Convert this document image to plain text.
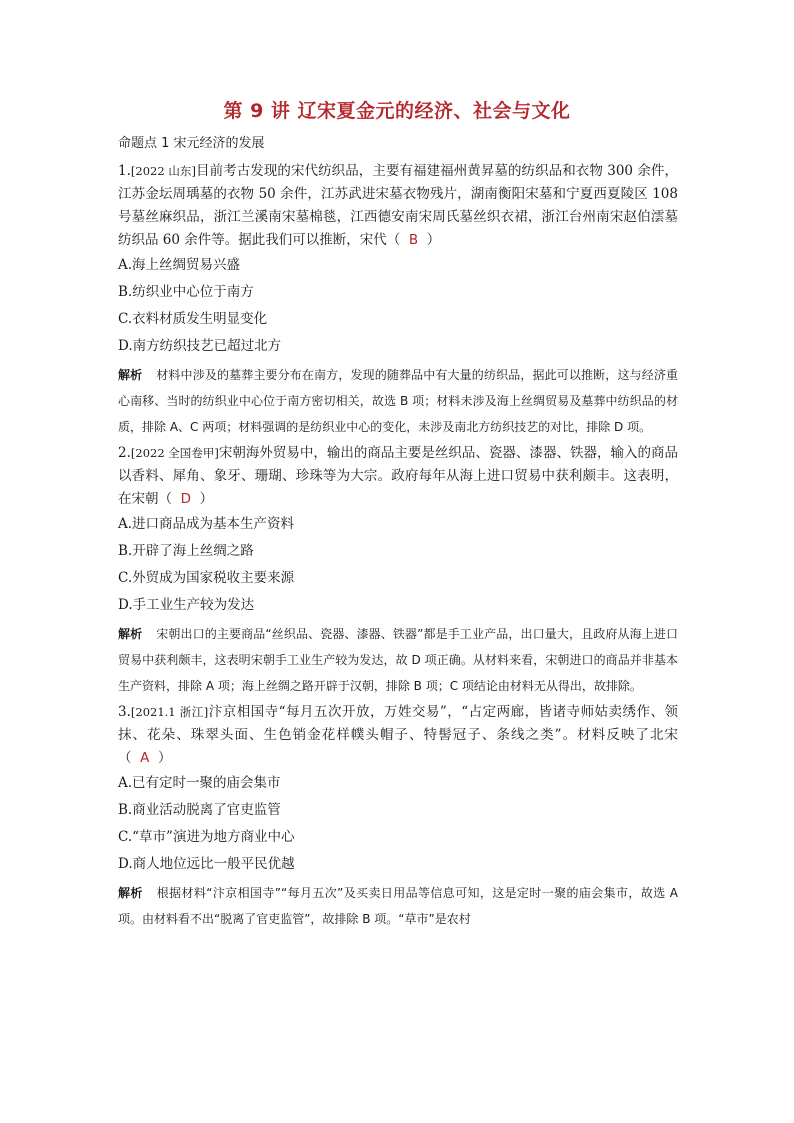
第 9 讲 辽宋夏金元的经济、社会与文化
命题点 1 宋元经济的发展
1.[2022 山东]目前考古发现的宋代纺织品，主要有福建福州黄昇墓的纺织品和衣物 300 余件，江苏金坛周瑀墓的衣物 50 余件，江苏武进宋墓衣物残片，湖南衡阳宋墓和宁夏西夏陵区 108 号墓丝麻织品，浙江兰溪南宋墓棉毯，江西德安南宋周氏墓丝织衣裙，浙江台州南宋赵伯澐墓纺织品 60 余件等。据此我们可以推断，宋代（ B ）
A.海上丝绸贸易兴盛
B.纺织业中心位于南方
C.衣料材质发生明显变化
D.南方纺织技艺已超过北方
解析 材料中涉及的墓葬主要分布在南方，发现的随葬品中有大量的纺织品，据此可以推断，这与经济重心南移、当时的纺织业中心位于南方密切相关，故选 B 项；材料未涉及海上丝绸贸易及墓葬中纺织品的材质，排除 A、C 两项；材料强调的是纺织业中心的变化，未涉及南北方纺织技艺的对比，排除 D 项。
2.[2022 全国卷甲]宋朝海外贸易中，输出的商品主要是丝织品、瓷器、漆器、铁器，输入的商品以香料、犀角、象牙、珊瑚、珍珠等为大宗。政府每年从海上进口贸易中获利颇丰。这表明，在宋朝（ D ）
A.进口商品成为基本生产资料
B.开辟了海上丝绸之路
C.外贸成为国家税收主要来源
D.手工业生产较为发达
解析 宋朝出口的主要商品“丝织品、瓷器、漆器、铁器”都是手工业产品，出口量大，且政府从海上进口贸易中获利颇丰，这表明宋朝手工业生产较为发达，故 D 项正确。从材料来看，宋朝进口的商品并非基本生产资料，排除 A 项；海上丝绸之路开辟于汉朝，排除 B 项；C 项结论由材料无从得出，故排除。
3.[2021.1 浙江]汴京相国寺“每月五次开放，万姓交易”，“占定两廊，皆诸寺师姑卖绣作、领抹、花朵、珠翠头面、生色销金花样幞头帽子、特髻冠子、条线之类”。材料反映了北宋（ A ）
A.已有定时一聚的庙会集市
B.商业活动脱离了官吏监管
C.“草市”演进为地方商业中心
D.商人地位远比一般平民优越
解析 根据材料“汴京相国寺”“每月五次”及买卖日用品等信息可知，这是定时一聚的庙会集市，故选 A 项。由材料看不出“脱离了官吏监管”，故排除 B 项。“草市”是农村
